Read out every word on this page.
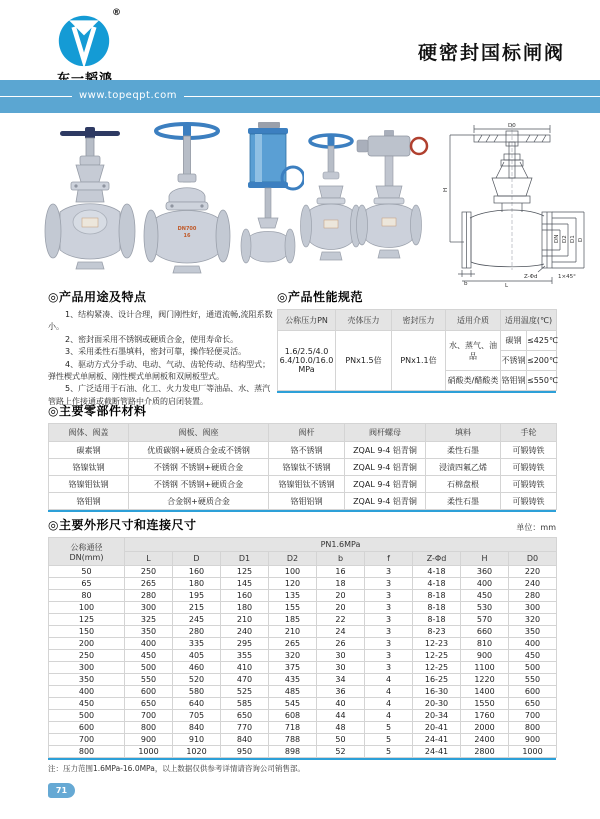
®
硬密封国标闸阀
www.topeqpt.com
DN700
16
D0
DN D2 D1 D
H
Z-Φd	1×45°
b	L
◎产品用途及特点
1、结构紧凑、设计合理，阀门刚性好，通道流畅,流阻系数小。
2、密封面采用不锈钢或硬质合金，使用寿命长。
3、采用柔性石墨填料，密封可靠，操作轻便灵活。
4、驱动方式分手动、电动、气动、齿轮传动、结构型式；弹性楔式单闸板、刚性楔式单闸板和双闸板型式。
5、广泛适用于石油、化工、火力发电厂等油品、水、蒸汽管路上作接通或截断管路中介质的启闭装置。
◎产品性能规范
公称压力PN	壳体压力	密封压力	适用介质	适用温度(℃)	

1.6/2.5/4.0
6.4/10.0/16.0
MPa	PNx1.5倍	PNx1.1倍	水、蒸气、油品	碳钢	≤425℃
				不锈钢	≤200℃
			硝酸类/醋酸类	铬钼钢	≤550℃
◎主要零部件材料
阀体、阀盖	阀板、阀座	阀杆	阀杆螺母	填料	手轮
碳素钢	优质碳钢+硬质合金或不锈钢	铬不锈钢	ZQAL 9-4 铝青铜	柔性石墨	可锻铸铁
铬镍钛钢	不锈钢 不锈钢+硬质合金	铬镍钛不锈钢	ZQAL 9-4 铝青铜	浸渍四氟乙烯	可锻铸铁
铬镍钼钛钢	不锈钢 不锈钢+硬质合金	铬镍钼钛不锈钢	ZQAL 9-4 铝青铜	石棉盘根	可锻铸铁
铬钼钢	合金钢+硬质合金	铬钼铝钢	ZQAL 9-4 铝青铜	柔性石墨	可锻铸铁
◎主要外形尺寸和连接尺寸	单位：mm
公称通径
DN(mm)	PN1.6MPa								
	L	D	D1	D2	b	f	Z-Φd	H	D0
50	250	160	125	100	16	3	4-18	360	220
65	265	180	145	120	18	3	4-18	400	240
80	280	195	160	135	20	3	8-18	450	280
100	300	215	180	155	20	3	8-18	530	300
125	325	245	210	185	22	3	8-18	570	320
150	350	280	240	210	24	3	8-23	660	350
200	400	335	295	265	26	3	12-23	810	400
250	450	405	355	320	30	3	12-25	900	450
300	500	460	410	375	30	3	12-25	1100	500
350	550	520	470	435	34	4	16-25	1220	550
400	600	580	525	485	36	4	16-30	1400	600
450	650	640	585	545	40	4	20-30	1550	650
500	700	705	650	608	44	4	20-34	1760	700
600	800	840	770	718	48	5	20-41	2000	800
700	900	910	840	788	50	5	24-41	2400	900
800	1000	1020	950	898	52	5	24-41	2800	1000
注：压力范围1.6MPa-16.0MPa，以上数据仅供参考详情请咨询公司销售部。
71
